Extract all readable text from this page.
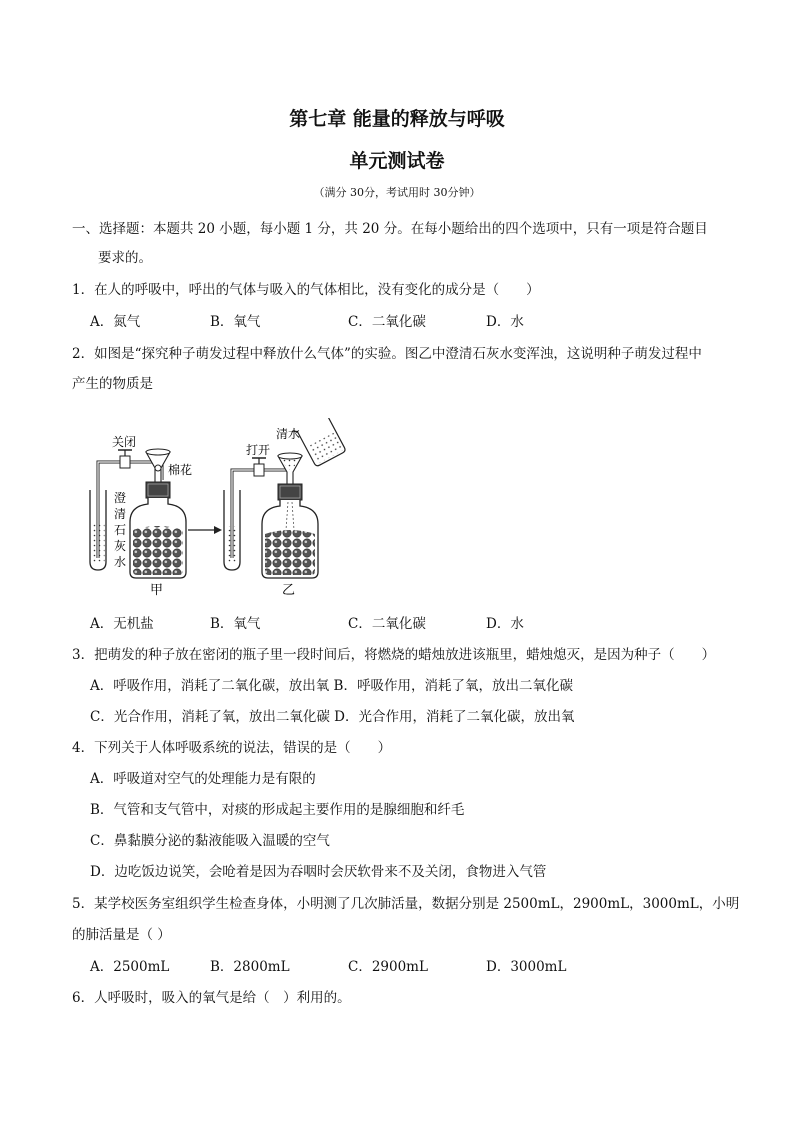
第七章 能量的释放与呼吸
单元测试卷
（满分 30分，考试用时 30分钟）
一、选择题：本题共 20 小题，每小题 1 分，共 20 分。在每小题给出的四个选项中，只有一项是符合题目
要求的。
1．在人的呼吸中，呼出的气体与吸入的气体相比，没有变化的成分是（　　）
A．氮气	B．氧气	C．二氧化碳	D．水
2．如图是“探究种子萌发过程中释放什么气体”的实验。图乙中澄清石灰水变浑浊，这说明种子萌发过程中
产生的物质是
关闭
棉花
澄
清
石
灰
水
甲
清水
打开
乙
A．无机盐	B．氧气	C．二氧化碳	D．水
3．把萌发的种子放在密闭的瓶子里一段时间后，将燃烧的蜡烛放进该瓶里，蜡烛熄灭，是因为种子（　　）
A．呼吸作用，消耗了二氧化碳，放出氧 B．呼吸作用，消耗了氧，放出二氧化碳
C．光合作用，消耗了氧，放出二氧化碳 D．光合作用，消耗了二氧化碳，放出氧
4．下列关于人体呼吸系统的说法，错误的是（　　）
A．呼吸道对空气的处理能力是有限的
B．气管和支气管中，对痰的形成起主要作用的是腺细胞和纤毛
C．鼻黏膜分泌的黏液能吸入温暖的空气
D．边吃饭边说笑，会呛着是因为吞咽时会厌软骨来不及关闭，食物进入气管
5．某学校医务室组织学生检查身体，小明测了几次肺活量，数据分别是 2500mL，2900mL，3000mL，小明
的肺活量是（ ）
A．2500mL	B．2800mL	C．2900mL	D．3000mL
6．人呼吸时，吸入的氧气是给（　）利用的。
